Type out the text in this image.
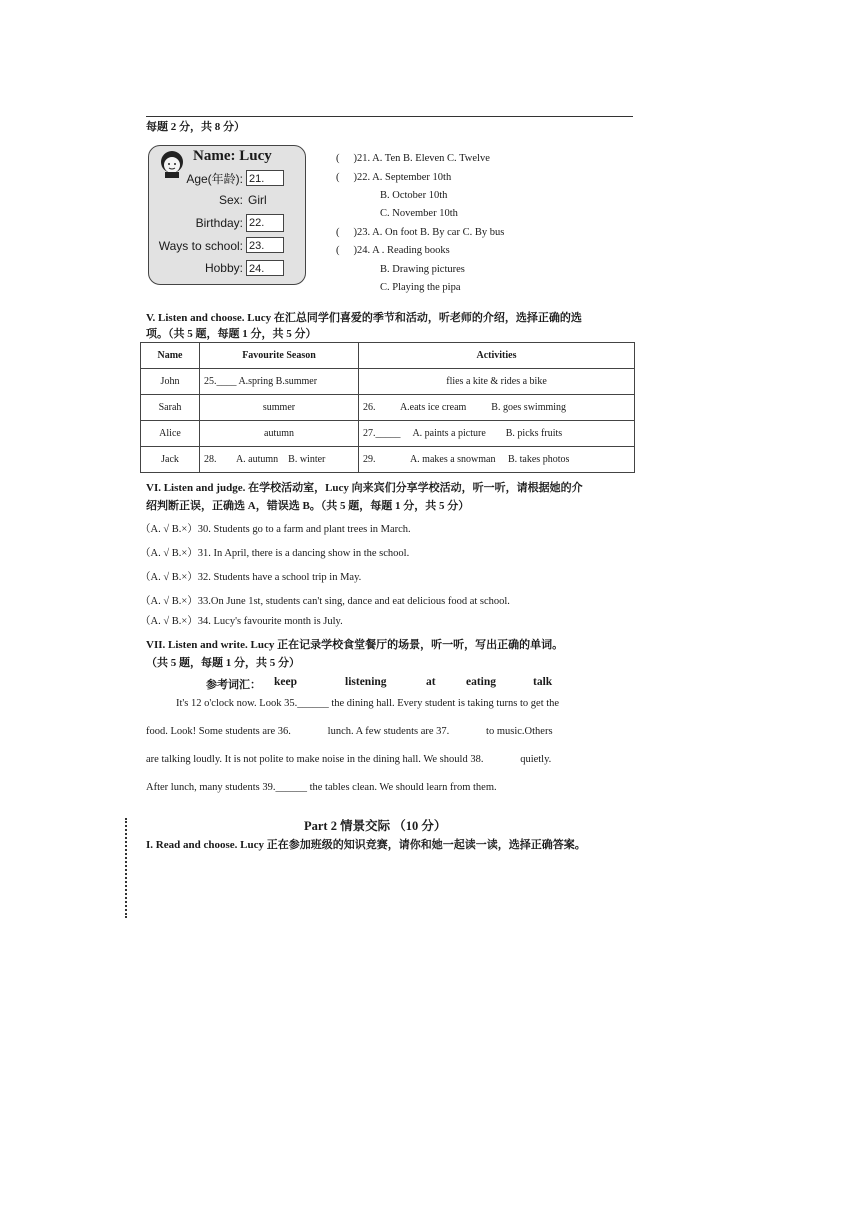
每题 2 分，共 8 分）
Name: Lucy
Age(年龄): 21.
Sex: Girl
Birthday: 22.
Ways to school: 23.
Hobby: 24.
( )21. A. Ten B. Eleven C. Twelve
( )22. A. September 10th
B. October 10th
C. November 10th
( )23. A. On foot B. By car C. By bus
( )24. A . Reading books
B. Drawing pictures
C. Playing the pipa
V. Listen and choose. Lucy 在汇总同学们喜爱的季节和活动，听老师的介绍，选择正确的选
项。（共 5 题，每题 1 分，共 5 分）
Name	Favourite Season	Activities
John	25.____ A.spring B.summer	flies a kite & rides a bike
Sarah	summer	26.          A.eats ice cream          B. goes swimming
Alice	autumn	27._____     A. paints a picture        B. picks fruits
Jack	28.        A. autumn    B. winter	29.              A. makes a snowman     B. takes photos
VI. Listen and judge. 在学校活动室，Lucy 向来宾们分享学校活动，听一听，请根据她的介
绍判断正误，正确选 A，错误选 B。（共 5 题，每题 1 分，共 5 分）
（A. √ B.×）30. Students go to a farm and plant trees in March.
（A. √ B.×）31. In April, there is a dancing show in the school.
（A. √ B.×）32. Students have a school trip in May.
（A. √ B.×）33.On June 1st, students can't sing, dance and eat delicious food at school.
（A. √ B.×）34. Lucy's favourite month is July.
VII. Listen and write. Lucy 正在记录学校食堂餐厅的场景，听一听，写出正确的单词。
（共 5 题，每题 1 分，共 5 分）
参考词汇： keep	listening	at	eating	talk
It's 12 o'clock now. Look 35.______ the dining hall. Every student is taking turns to get the
food. Look! Some students are 36.              lunch. A few students are 37.              to music.Others
are talking loudly. It is not polite to make noise in the dining hall. We should 38.              quietly.
After lunch, many students 39.______ the tables clean. We should learn from them.
Part 2 情景交际 （10 分）
I. Read and choose. Lucy 正在参加班级的知识竞赛，请你和她一起读一读，选择正确答案。
